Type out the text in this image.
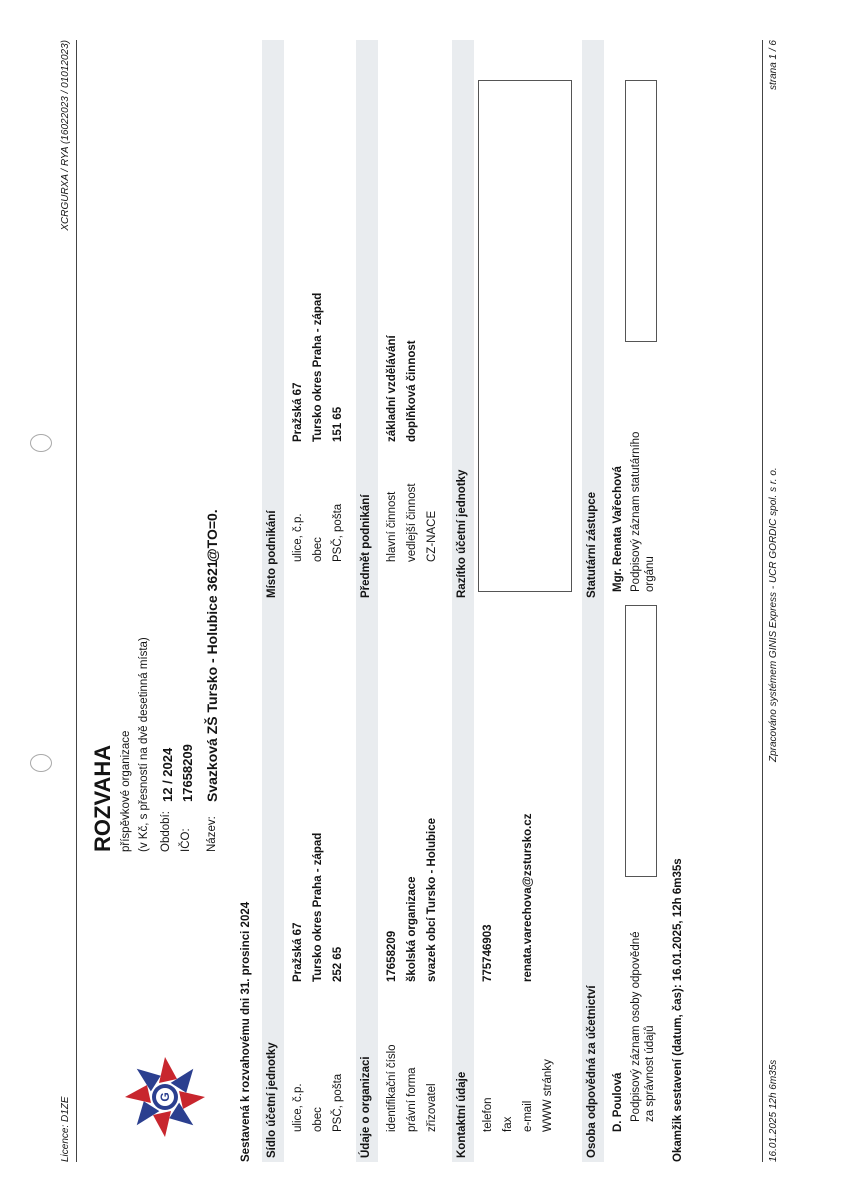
Licence: D1ZE
XCRGURXA / RYA (16022023 / 01012023)
G
ROZVAHA příspěvkové organizace (v Kč, s přesností na dvě desetinná místa) Období:
12 / 2024
IČO:
17658209
Název:
Svazková ZŠ Tursko - Holubice 3621
@TO=0.
Sestavená k rozvahovému dni 31. prosinci 2024 Sídlo účetní jednotky
Místo podnikání
ulice, č.p.
Pražská 67
obec
Tursko okres Praha - západ
PSČ, pošta
252 65
ulice, č.p.
Pražská 67
obec
Tursko okres Praha - západ
PSČ, pošta
151 65
Údaje o organizaci
Předmět podnikání
identifikační číslo
17658209
právní forma
školská organizace
zřizovatel
svazek obcí Tursko - Holubice
hlavní činnost
základní vzdělávání
vedlejší činnost
doplňková činnost
CZ-NACE
Kontaktní údaje
Razítko účetní jednotky
telefon
775746903
fax e-mail
renata.varechova@zstursko.cz
WWW stránky	Osoba odpovědná za účetnictví
Statutární zástupce
D. Poulová Podpisový záznam osoby odpovědné za správnost údajů
Mgr. Renata Vařechová Podpisový záznam statutárního orgánu
Okamžik sestavení (datum, čas): 16.01.2025, 12h 6m35s	16.01.2025 12h 6m35s
Zpracováno systémem GINIS Express - UCR GORDIC spol. s r. o.
strana 1 / 6
